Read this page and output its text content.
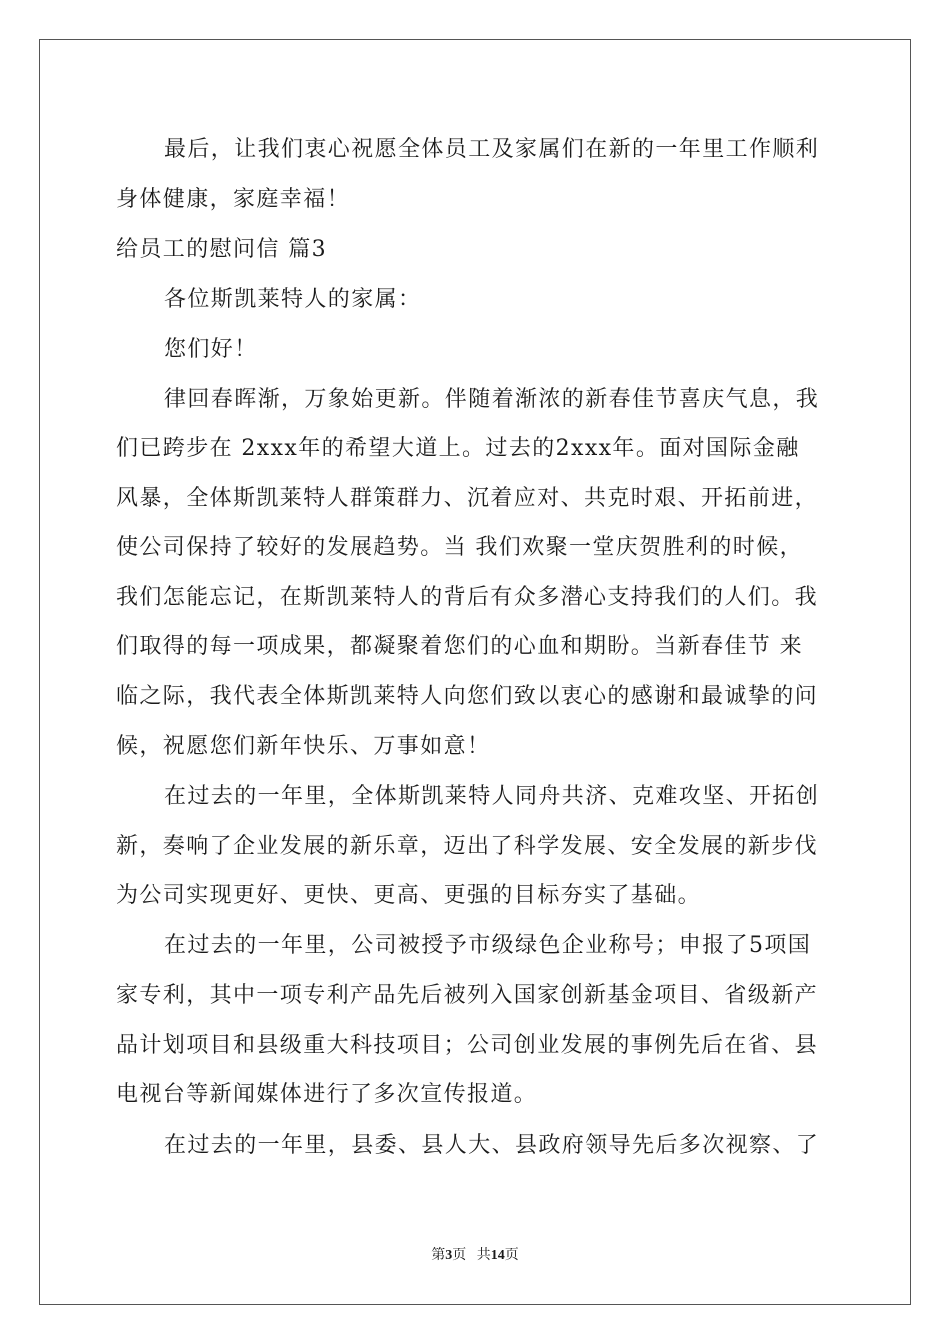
最后，让我们衷心祝愿全体员工及家属们在新的一年里工作顺利
身体健康，家庭幸福！
给员工的慰问信 篇3
各位斯凯莱特人的家属：
您们好！
律回春晖渐，万象始更新。伴随着渐浓的新春佳节喜庆气息，我
们已跨步在 2xxx年的希望大道上。过去的2xxx年。面对国际金融
风暴，全体斯凯莱特人群策群力、沉着应对、共克时艰、开拓前进，
使公司保持了较好的发展趋势。当 我们欢聚一堂庆贺胜利的时候，
我们怎能忘记，在斯凯莱特人的背后有众多潜心支持我们的人们。我
们取得的每一项成果，都凝聚着您们的心血和期盼。当新春佳节 来
临之际，我代表全体斯凯莱特人向您们致以衷心的感谢和最诚挚的问
候，祝愿您们新年快乐、万事如意！
在过去的一年里，全体斯凯莱特人同舟共济、克难攻坚、开拓创
新，奏响了企业发展的新乐章，迈出了科学发展、安全发展的新步伐
为公司实现更好、更快、更高、更强的目标夯实了基础。
在过去的一年里，公司被授予市级绿色企业称号；申报了5项国
家专利，其中一项专利产品先后被列入国家创新基金项目、省级新产
品计划项目和县级重大科技项目；公司创业发展的事例先后在省、县
电视台等新闻媒体进行了多次宣传报道。
在过去的一年里，县委、县人大、县政府领导先后多次视察、了
第3页 共14页
